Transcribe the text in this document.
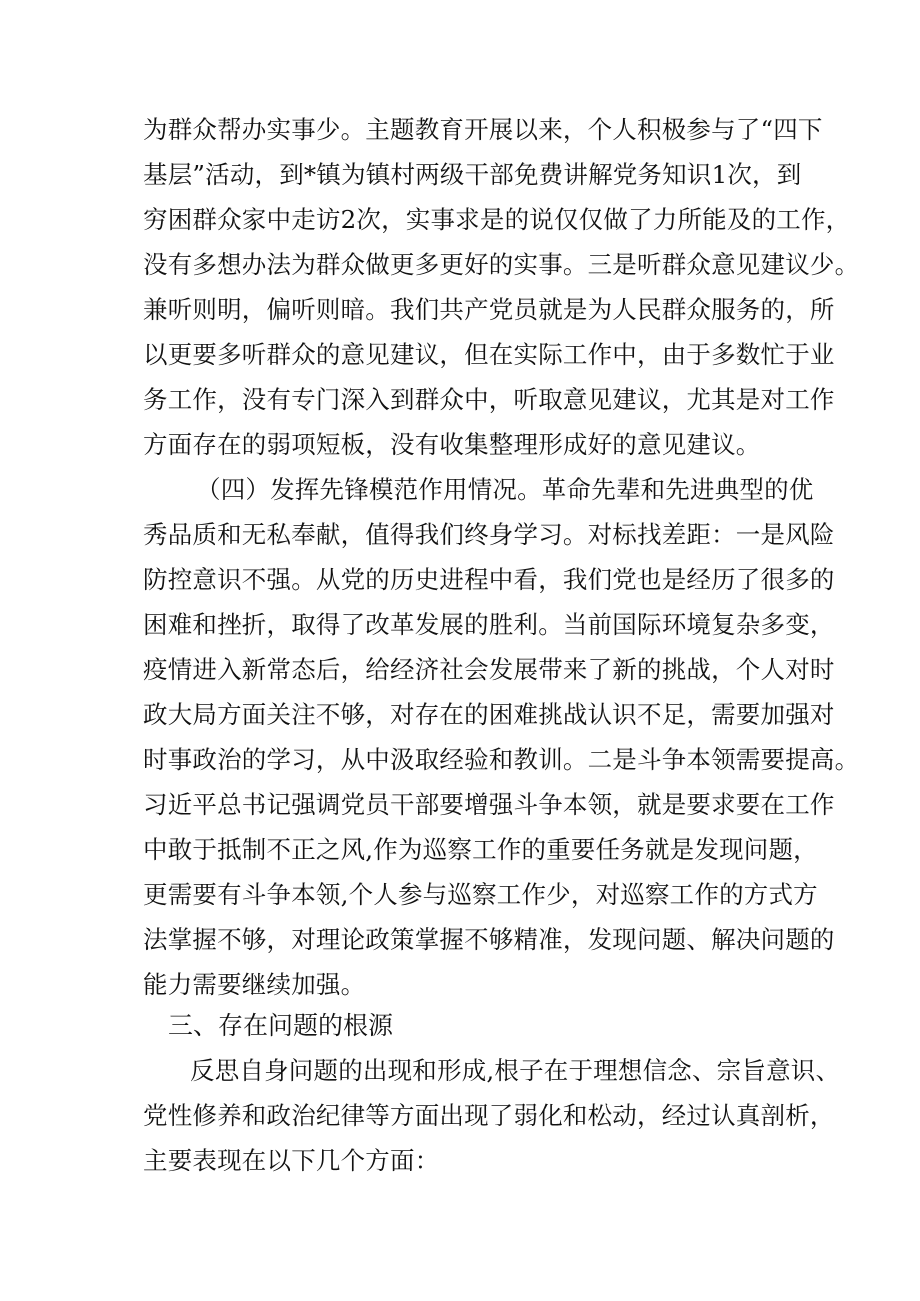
为群众帮办实事少。主题教育开展以来，个人积极参与了“四下
基层”活动，到*镇为镇村两级干部免费讲解党务知识1次，到
穷困群众家中走访2次，实事求是的说仅仅做了力所能及的工作，
没有多想办法为群众做更多更好的实事。三是听群众意见建议少。
兼听则明，偏听则暗。我们共产党员就是为人民群众服务的，所
以更要多听群众的意见建议，但在实际工作中，由于多数忙于业
务工作，没有专门深入到群众中，听取意见建议，尤其是对工作
方面存在的弱项短板，没有收集整理形成好的意见建议。
（四）发挥先锋模范作用情况。革命先辈和先进典型的优
秀品质和无私奉献，值得我们终身学习。对标找差距：一是风险
防控意识不强。从党的历史进程中看，我们党也是经历了很多的
困难和挫折，取得了改革发展的胜利。当前国际环境复杂多变，
疫情进入新常态后，给经济社会发展带来了新的挑战，个人对时
政大局方面关注不够，对存在的困难挑战认识不足，需要加强对
时事政治的学习，从中汲取经验和教训。二是斗争本领需要提高。
习近平总书记强调党员干部要增强斗争本领，就是要求要在工作
中敢于抵制不正之风,作为巡察工作的重要任务就是发现问题，
更需要有斗争本领,个人参与巡察工作少，对巡察工作的方式方
法掌握不够，对理论政策掌握不够精准，发现问题、解决问题的
能力需要继续加强。
三、存在问题的根源
反思自身问题的出现和形成,根子在于理想信念、宗旨意识、
党性修养和政治纪律等方面出现了弱化和松动，经过认真剖析，
主要表现在以下几个方面：
